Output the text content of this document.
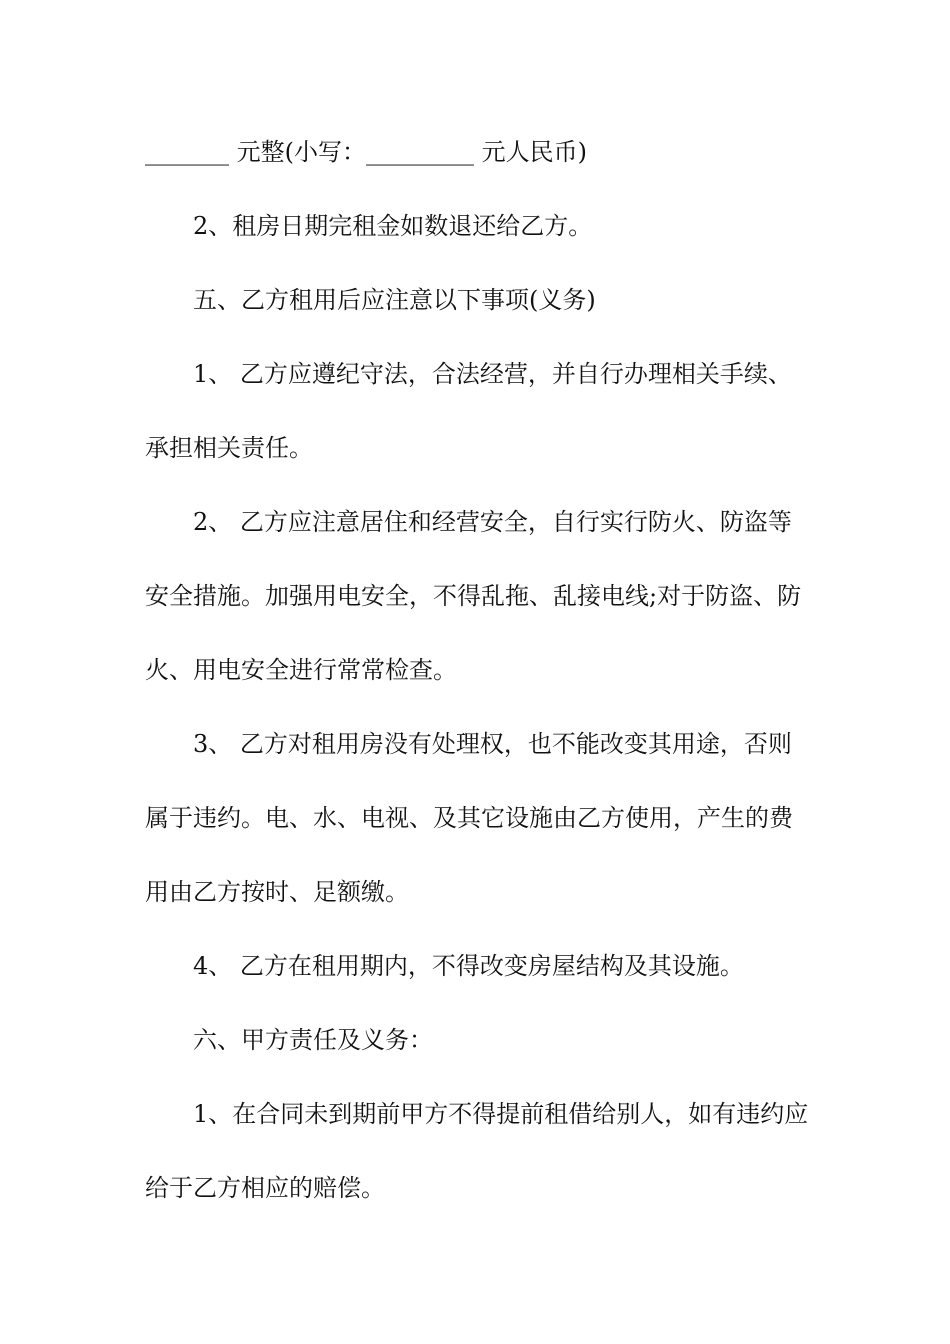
_______ 元整(小写：_________ 元人民币)
2、租房日期完租金如数退还给乙方。
五、乙方租用后应注意以下事项(义务)
1、 乙方应遵纪守法，合法经营，并自行办理相关手续、
承担相关责任。
2、 乙方应注意居住和经营安全，自行实行防火、防盗等
安全措施。加强用电安全，不得乱拖、乱接电线;对于防盗、防
火、用电安全进行常常检查。
3、 乙方对租用房没有处理权，也不能改变其用途，否则
属于违约。电、水、电视、及其它设施由乙方使用，产生的费
用由乙方按时、足额缴。
4、 乙方在租用期内，不得改变房屋结构及其设施。
六、甲方责任及义务：
1、在合同未到期前甲方不得提前租借给别人，如有违约应
给于乙方相应的赔偿。
